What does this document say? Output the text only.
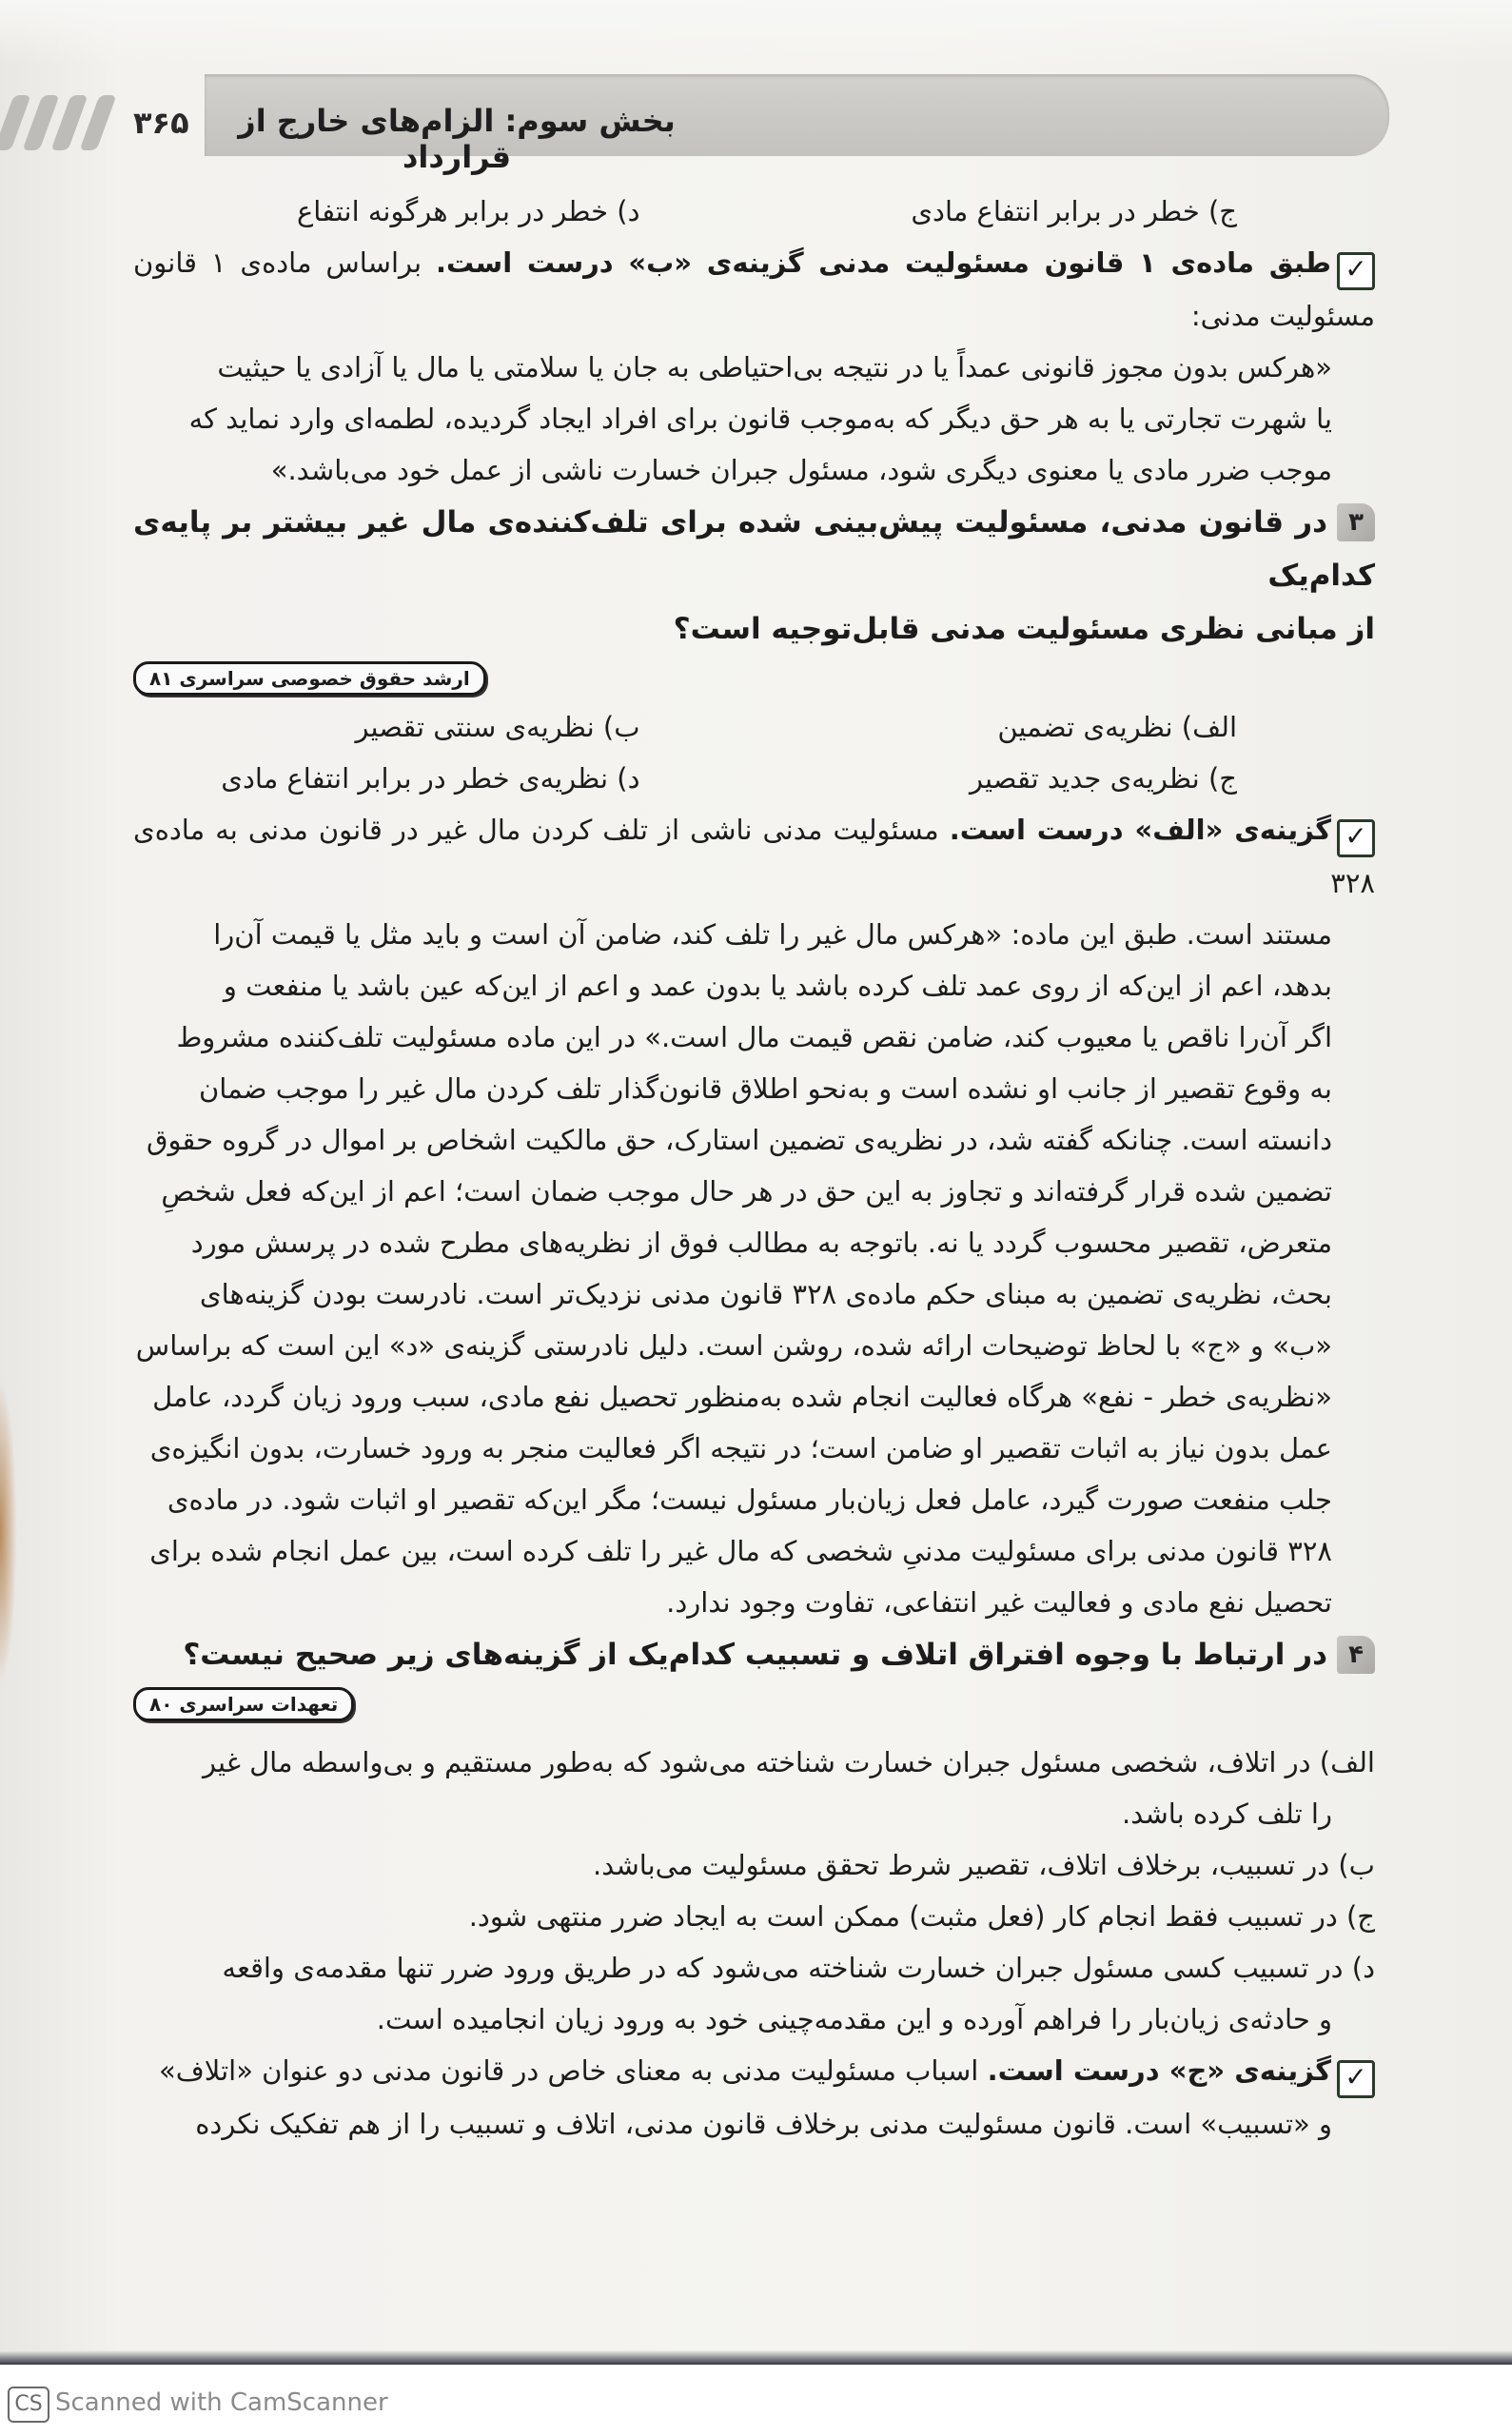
۳۶۵ بخش سوم: الزام‌های خارج از قرارداد
ج) خطر در برابر انتفاع مادی
د) خطر در برابر هرگونه انتفاع
✓طبق ماده‌ی ۱ قانون مسئولیت مدنی گزینه‌ی «ب» درست است. براساس ماده‌ی ۱ قانون مسئولیت مدنی:
«هرکس بدون مجوز قانونی عمداً یا در نتیجه بی‌احتیاطی به جان یا سلامتی یا مال یا آزادی یا حیثیت
یا شهرت تجارتی یا به هر حق دیگر که به‌موجب قانون برای افراد ایجاد گردیده، لطمه‌ای وارد نماید که
موجب ضرر مادی یا معنوی دیگری شود، مسئول جبران خسارت ناشی از عمل خود می‌باشد.»
۳در قانون مدنی، مسئولیت پیش‌بینی شده برای تلف‌کننده‌ی مال غیر بیشتر بر پایه‌ی کدام‌یک
از مبانی نظری مسئولیت مدنی قابل‌توجیه است؟
ارشد حقوق خصوصی سراسری ۸۱
الف) نظریه‌ی تضمین
ب) نظریه‌ی سنتی تقصیر
ج) نظریه‌ی جدید تقصیر
د) نظریه‌ی خطر در برابر انتفاع مادی
✓گزینه‌ی «الف» درست است. مسئولیت مدنی ناشی از تلف کردن مال غیر در قانون مدنی به ماده‌ی ۳۲۸
مستند است. طبق این ماده: «هرکس مال غیر را تلف کند، ضامن آن است و باید مثل یا قیمت آن‌را
بدهد، اعم از این‌که از روی عمد تلف کرده باشد یا بدون عمد و اعم از این‌که عین باشد یا منفعت و
اگر آن‌را ناقص یا معیوب کند، ضامن نقص قیمت مال است.» در این ماده مسئولیت تلف‌کننده مشروط
به وقوع تقصیر از جانب او نشده است و به‌نحو اطلاق قانون‌گذار تلف کردن مال غیر را موجب ضمان
دانسته است. چنانکه گفته شد، در نظریه‌ی تضمین استارک، حق مالکیت اشخاص بر اموال در گروه حقوق
تضمین شده قرار گرفته‌اند و تجاوز به این حق در هر حال موجب ضمان است؛ اعم از این‌که فعل شخصِ
متعرض، تقصیر محسوب گردد یا نه. باتوجه به مطالب فوق از نظریه‌های مطرح شده در پرسش مورد
بحث، نظریه‌ی تضمین به مبنای حکم ماده‌ی ۳۲۸ قانون مدنی نزدیک‌تر است. نادرست بودن گزینه‌های
«ب» و «ج» با لحاظ توضیحات ارائه شده، روشن است. دلیل نادرستی گزینه‌ی «د» این است که براساس
«نظریه‌ی خطر - نفع» هرگاه فعالیت انجام شده به‌منظور تحصیل نفع مادی، سبب ورود زیان گردد، عامل
عمل بدون نیاز به اثبات تقصیر او ضامن است؛ در نتیجه اگر فعالیت منجر به ورود خسارت، بدون انگیزه‌ی
جلب منفعت صورت گیرد، عامل فعل زیان‌بار مسئول نیست؛ مگر این‌که تقصیر او اثبات شود. در ماده‌ی
۳۲۸ قانون مدنی برای مسئولیت مدنیِ شخصی که مال غیر را تلف کرده است، بین عمل انجام شده برای
تحصیل نفع مادی و فعالیت غیر انتفاعی، تفاوت وجود ندارد.
۴در ارتباط با وجوه افتراق اتلاف و تسبیب کدام‌یک از گزینه‌های زیر صحیح نیست؟
تعهدات سراسری ۸۰
الف) در اتلاف، شخصی مسئول جبران خسارت شناخته می‌شود که به‌طور مستقیم و بی‌واسطه مال غیر
را تلف کرده باشد.
ب) در تسبیب، برخلاف اتلاف، تقصیر شرط تحقق مسئولیت می‌باشد.
ج) در تسبیب فقط انجام کار (فعل مثبت) ممکن است به ایجاد ضرر منتهی شود.
د) در تسبیب کسی مسئول جبران خسارت شناخته می‌شود که در طریق ورود ضرر تنها مقدمه‌ی واقعه
و حادثه‌ی زیان‌بار را فراهم آورده و این مقدمه‌چینی خود به ورود زیان انجامیده است.
✓گزینه‌ی «ج» درست است. اسباب مسئولیت مدنی به معنای خاص در قانون مدنی دو عنوان «اتلاف»
و «تسبیب» است. قانون مسئولیت مدنی برخلاف قانون مدنی، اتلاف و تسبیب را از هم تفکیک نکرده
CS Scanned with CamScanner
